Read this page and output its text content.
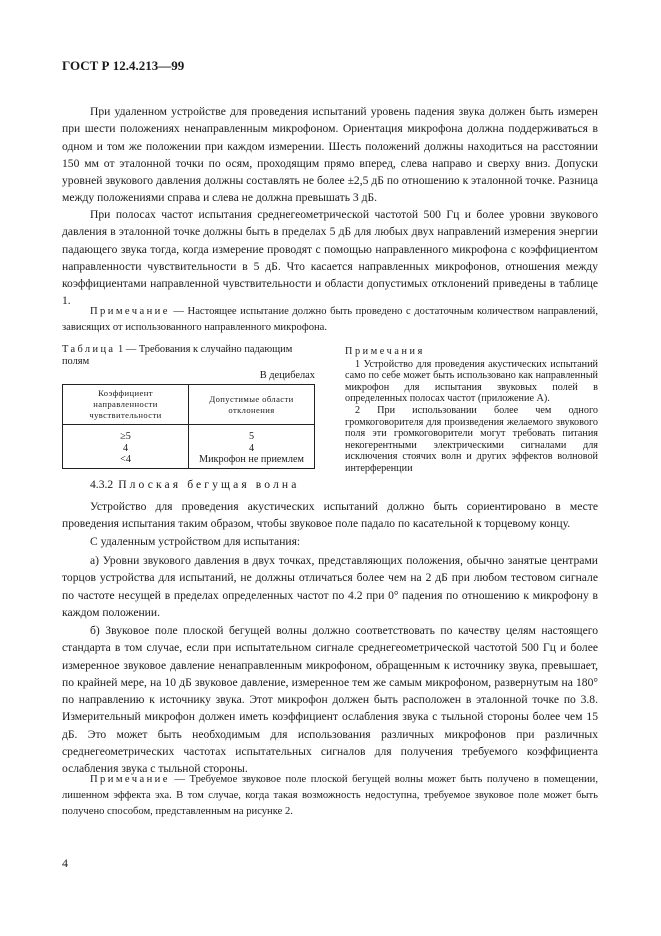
ГОСТ Р 12.4.213—99

При удаленном устройстве для проведения испытаний уровень падения звука должен быть измерен при шести положениях ненаправленным микрофоном. Ориентация микрофона должна поддерживаться в одном и том же положении при каждом измерении. Шесть положений должны находиться на расстоянии 150 мм от эталонной точки по осям, проходящим прямо вперед, слева направо и сверху вниз. Допуски уровней звукового давления должны составлять не более ±2,5 дБ по отношению к эталонной точке. Разница между положениями справа и слева не должна превышать 3 дБ.

При полосах частот испытания среднегеометрической частотой 500 Гц и более уровни звукового давления в эталонной точке должны быть в пределах 5 дБ для любых двух направлений измерения энергии падающего звука тогда, когда измерение проводят с помощью направленного микрофона с коэффициентом направленности чувствительности в 5 дБ. Что касается направленных микрофонов, отношения между коэффициентами направленной чувствительности и области допустимых отклонений приведены в таблице 1.

Примечание — Настоящее испытание должно быть проведено с достаточным количеством направлений, зависящих от использованного направленного микрофона.

Таблица 1 — Требования к случайно падающим полям
В децибелах
Коэффициент направленности чувствительности	Допустимые области отклонения
≥5	5
4	4
<4	Микрофон не приемлем
Примечания

1 Устройство для проведения акустических испытаний само по себе может быть использовано как направленный микрофон для испытания звуковых полей в определенных полосах частот (приложение А).

2 При использовании более чем одного громкоговорителя для произведения желаемого звукового поля эти громкоговорители могут требовать питания некогерентными электрическими сигналами для исключения стоячих волн и других эффектов волновой интерференции

4.3.2 Плоская бегущая волна

Устройство для проведения акустических испытаний должно быть сориентировано в месте проведения испытания таким образом, чтобы звуковое поле падало по касательной к торцевому концу.

С удаленным устройством для испытания:

а) Уровни звукового давления в двух точках, представляющих положения, обычно занятые центрами торцов устройства для испытаний, не должны отличаться более чем на 2 дБ при любом тестовом сигнале по частоте несущей в пределах определенных частот по 4.2 при 0° падения по отношению к микрофону в каждом положении.

б) Звуковое поле плоской бегущей волны должно соответствовать по качеству целям настоящего стандарта в том случае, если при испытательном сигнале среднегеометрической частотой 500 Гц и более измеренное звуковое давление ненаправленным микрофоном, обращенным к источнику звука, превышает, по крайней мере, на 10 дБ звуковое давление, измеренное тем же самым микрофоном, развернутым на 180° по направлению к источнику звука. Этот микрофон должен быть расположен в эталонной точке по 3.8. Измерительный микрофон должен иметь коэффициент ослабления звука с тыльной стороны более чем 15 дБ. Это может быть необходимым для использования различных микрофонов при различных среднегеометрических частотах испытательных сигналов для получения требуемого коэффициента ослабления звука с тыльной стороны.

Примечание — Требуемое звуковое поле плоской бегущей волны может быть получено в помещении, лишенном эффекта эха. В том случае, когда такая возможность недоступна, требуемое звуковое поле может быть получено способом, представленным на рисунке 2.

4
